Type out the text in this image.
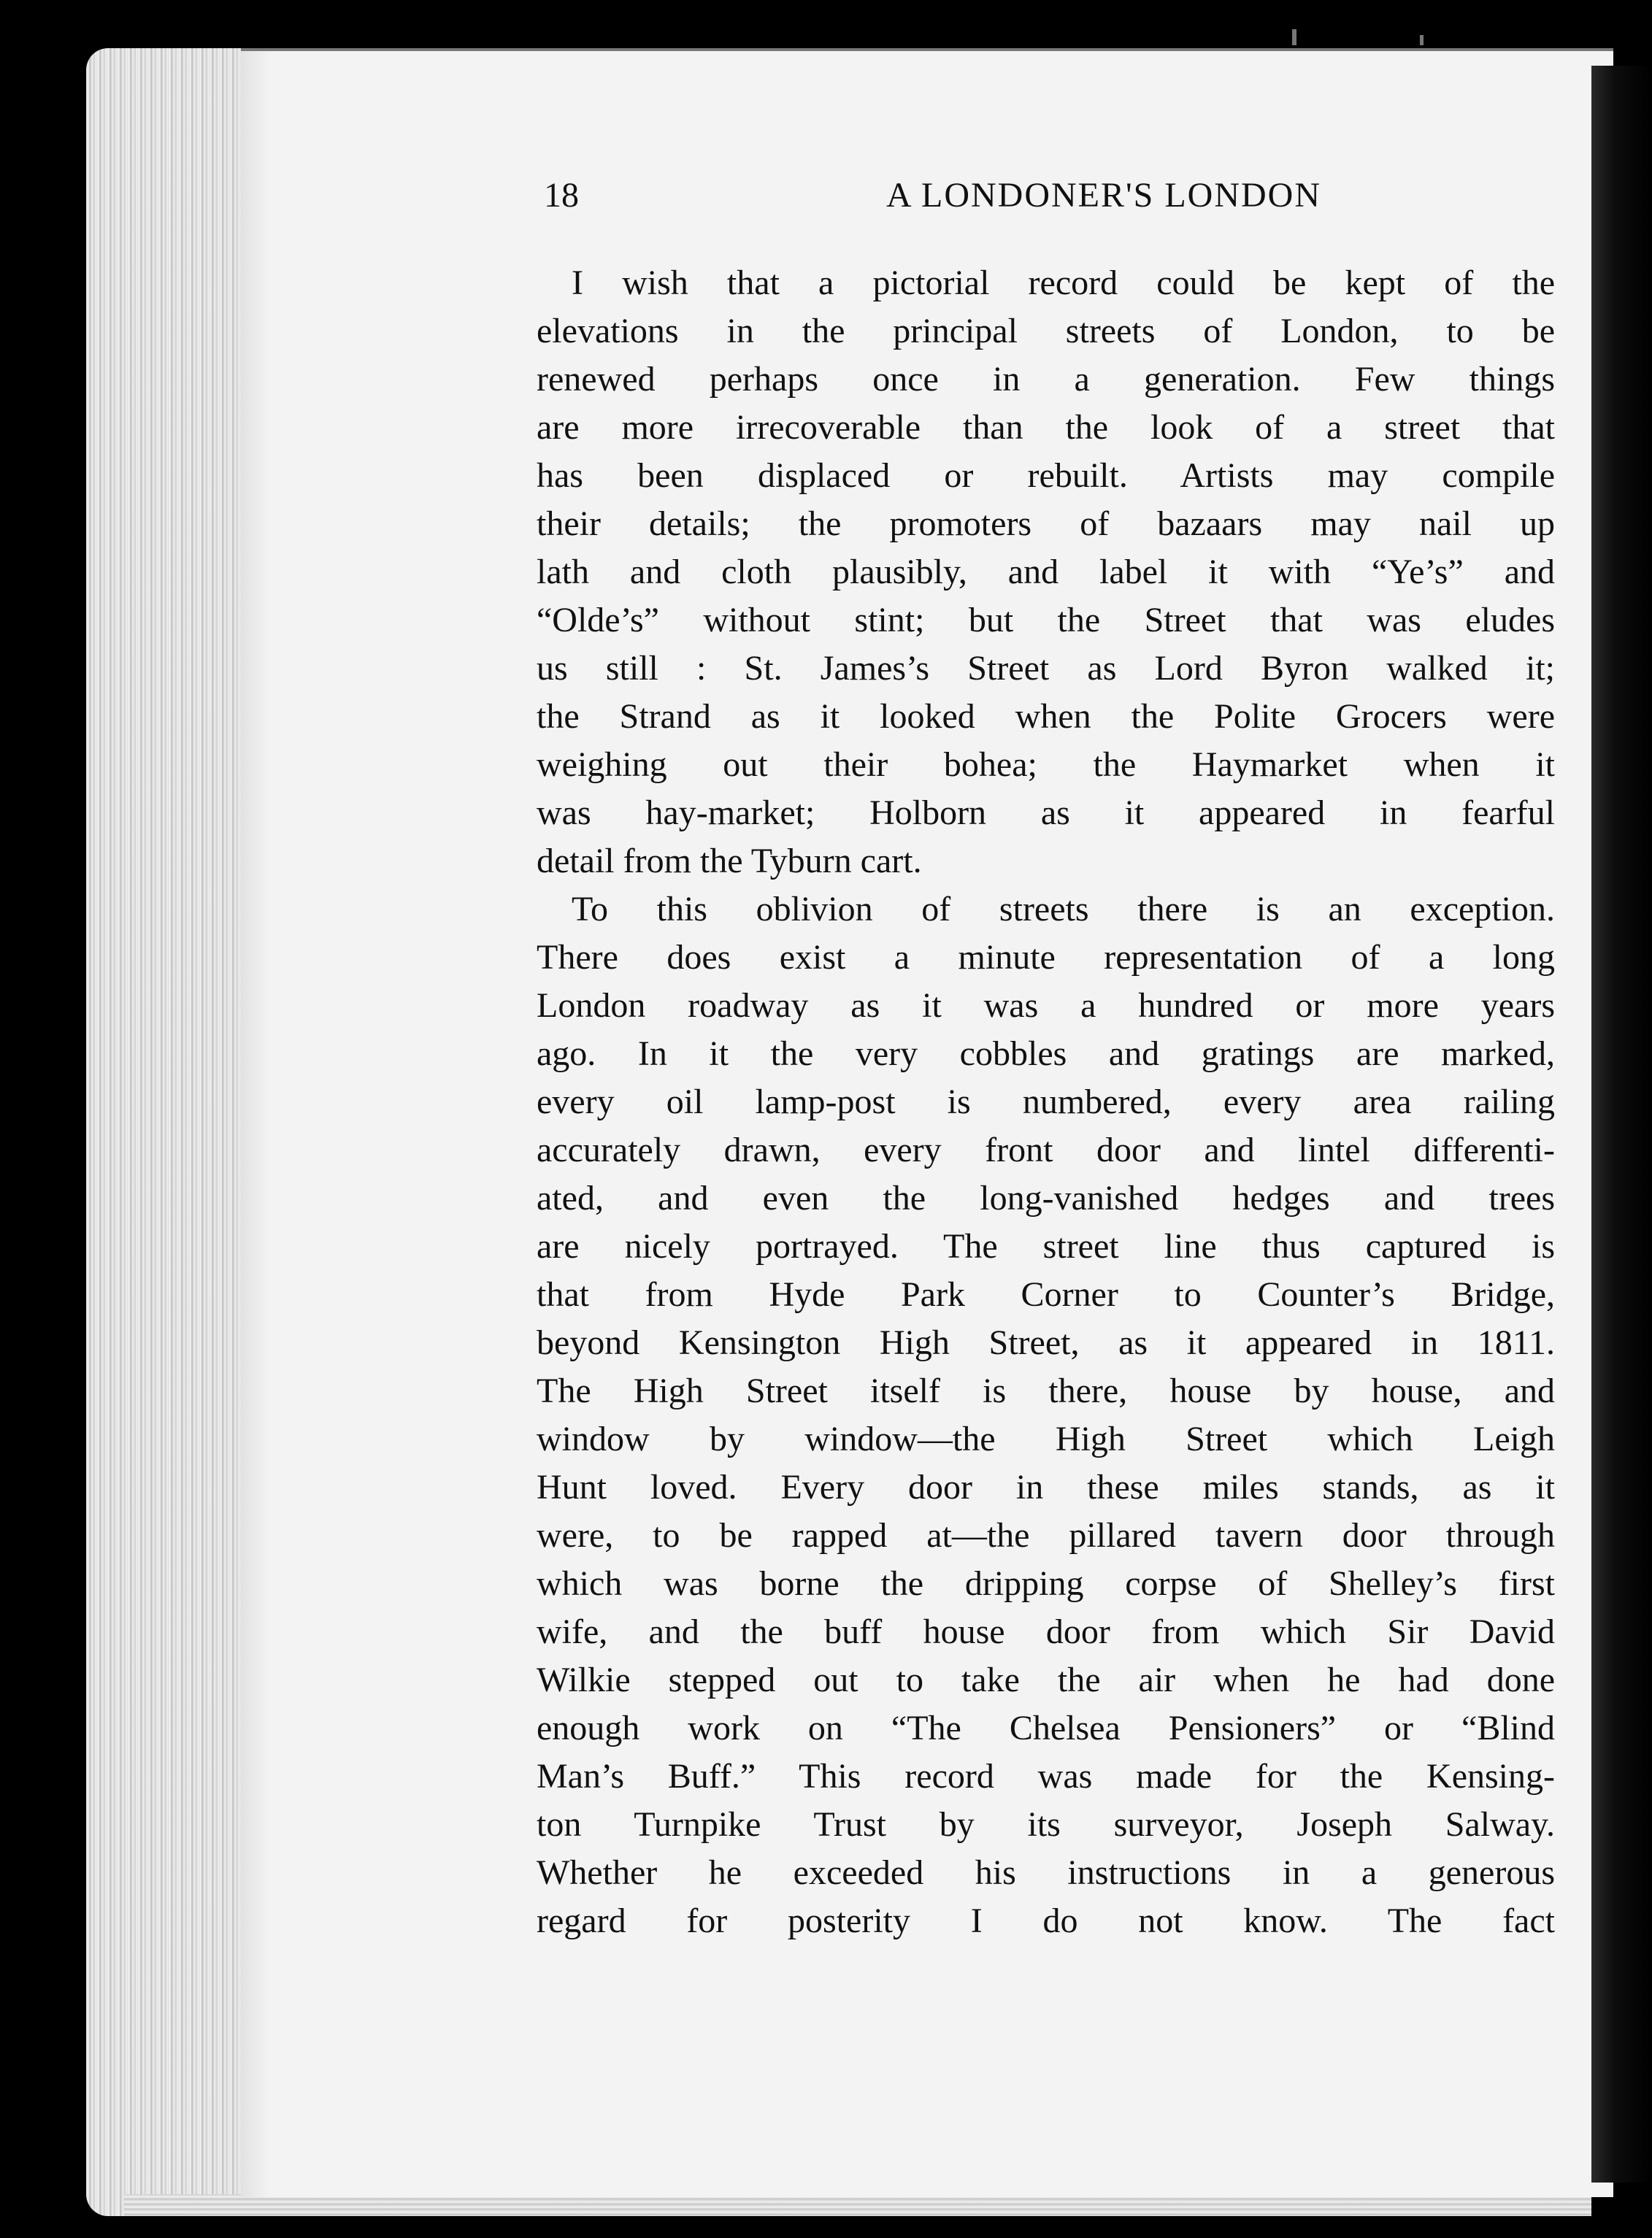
18	A LONDONER'S LONDON
I wish that a pictorial record could be kept of the
elevations in the principal streets of London, to be
renewed perhaps once in a generation. Few things
are more irrecoverable than the look of a street that
has been displaced or rebuilt. Artists may compile
their details; the promoters of bazaars may nail up
lath and cloth plausibly, and label it with “Ye’s” and
“Olde’s” without stint; but the Street that was eludes
us still : St. James’s Street as Lord Byron walked it;
the Strand as it looked when the Polite Grocers were
weighing out their bohea; the Haymarket when it
was hay-market; Holborn as it appeared in fearful
detail from the Tyburn cart.
To this oblivion of streets there is an exception.
There does exist a minute representation of a long
London roadway as it was a hundred or more years
ago. In it the very cobbles and gratings are marked,
every oil lamp-post is numbered, every area railing
accurately drawn, every front door and lintel differenti-
ated, and even the long-vanished hedges and trees
are nicely portrayed. The street line thus captured is
that from Hyde Park Corner to Counter’s Bridge,
beyond Kensington High Street, as it appeared in 1811.
The High Street itself is there, house by house, and
window by window—the High Street which Leigh
Hunt loved. Every door in these miles stands, as it
were, to be rapped at—the pillared tavern door through
which was borne the dripping corpse of Shelley’s first
wife, and the buff house door from which Sir David
Wilkie stepped out to take the air when he had done
enough work on “The Chelsea Pensioners” or “Blind
Man’s Buff.” This record was made for the Kensing-
ton Turnpike Trust by its surveyor, Joseph Salway.
Whether he exceeded his instructions in a generous
regard for posterity I do not know. The fact
